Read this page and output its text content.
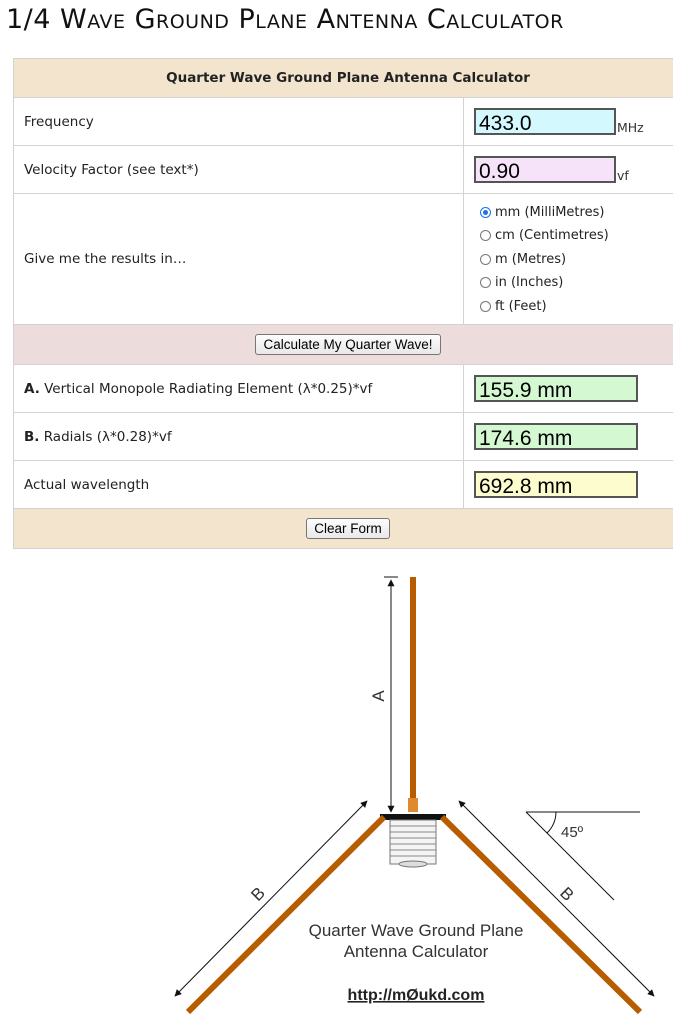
1/4 Wave Ground Plane Antenna Calculator
Quarter Wave Ground Plane Antenna Calculator	
Frequency	433.0 MHz
Velocity Factor (see text*)	0.90 vf
Give me the results in…	mm (MilliMetres)
cm (Centimetres)
m (Metres)
in (Inches)
ft (Feet)

Calculate My Quarter Wave!	
A. Vertical Monopole Radiating Element (λ*0.25)*vf	155.9 mm
B. Radials (λ*0.28)*vf	174.6 mm
Actual wavelength	692.8 mm
Clear Form	
A
B	B
45º
Quarter Wave Ground Plane
Antenna Calculator
http://mØukd.com
